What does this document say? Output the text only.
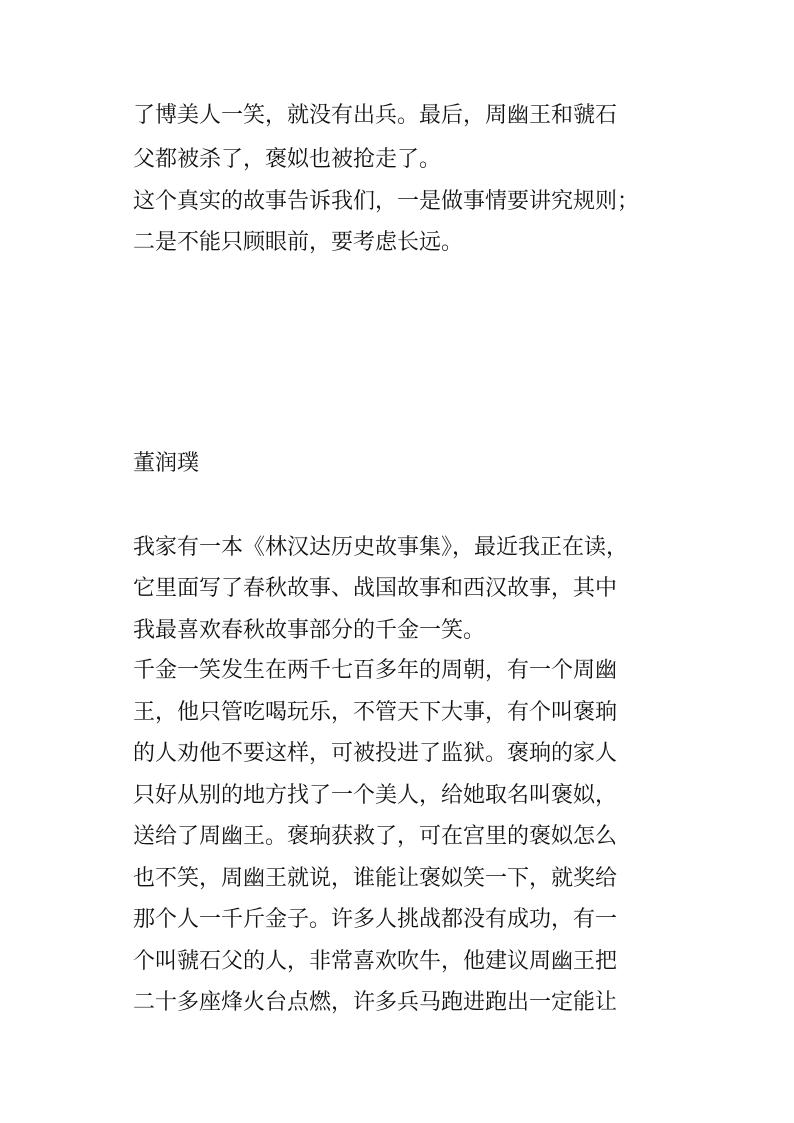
了博美人一笑，就没有出兵。最后，周幽王和虢石

父都被杀了，褒姒也被抢走了。

这个真实的故事告诉我们，一是做事情要讲究规则；

二是不能只顾眼前，要考虑长远。

董润璞

我家有一本《林汉达历史故事集》，最近我正在读，

它里面写了春秋故事、战国故事和西汉故事，其中

我最喜欢春秋故事部分的千金一笑。

千金一笑发生在两千七百多年的周朝，有一个周幽

王，他只管吃喝玩乐，不管天下大事，有个叫褒珦

的人劝他不要这样，可被投进了监狱。褒珦的家人

只好从别的地方找了一个美人，给她取名叫褒姒，

送给了周幽王。褒珦获救了，可在宫里的褒姒怎么

也不笑，周幽王就说，谁能让褒姒笑一下，就奖给

那个人一千斤金子。许多人挑战都没有成功，有一

个叫虢石父的人，非常喜欢吹牛，他建议周幽王把

二十多座烽火台点燃，许多兵马跑进跑出一定能让
